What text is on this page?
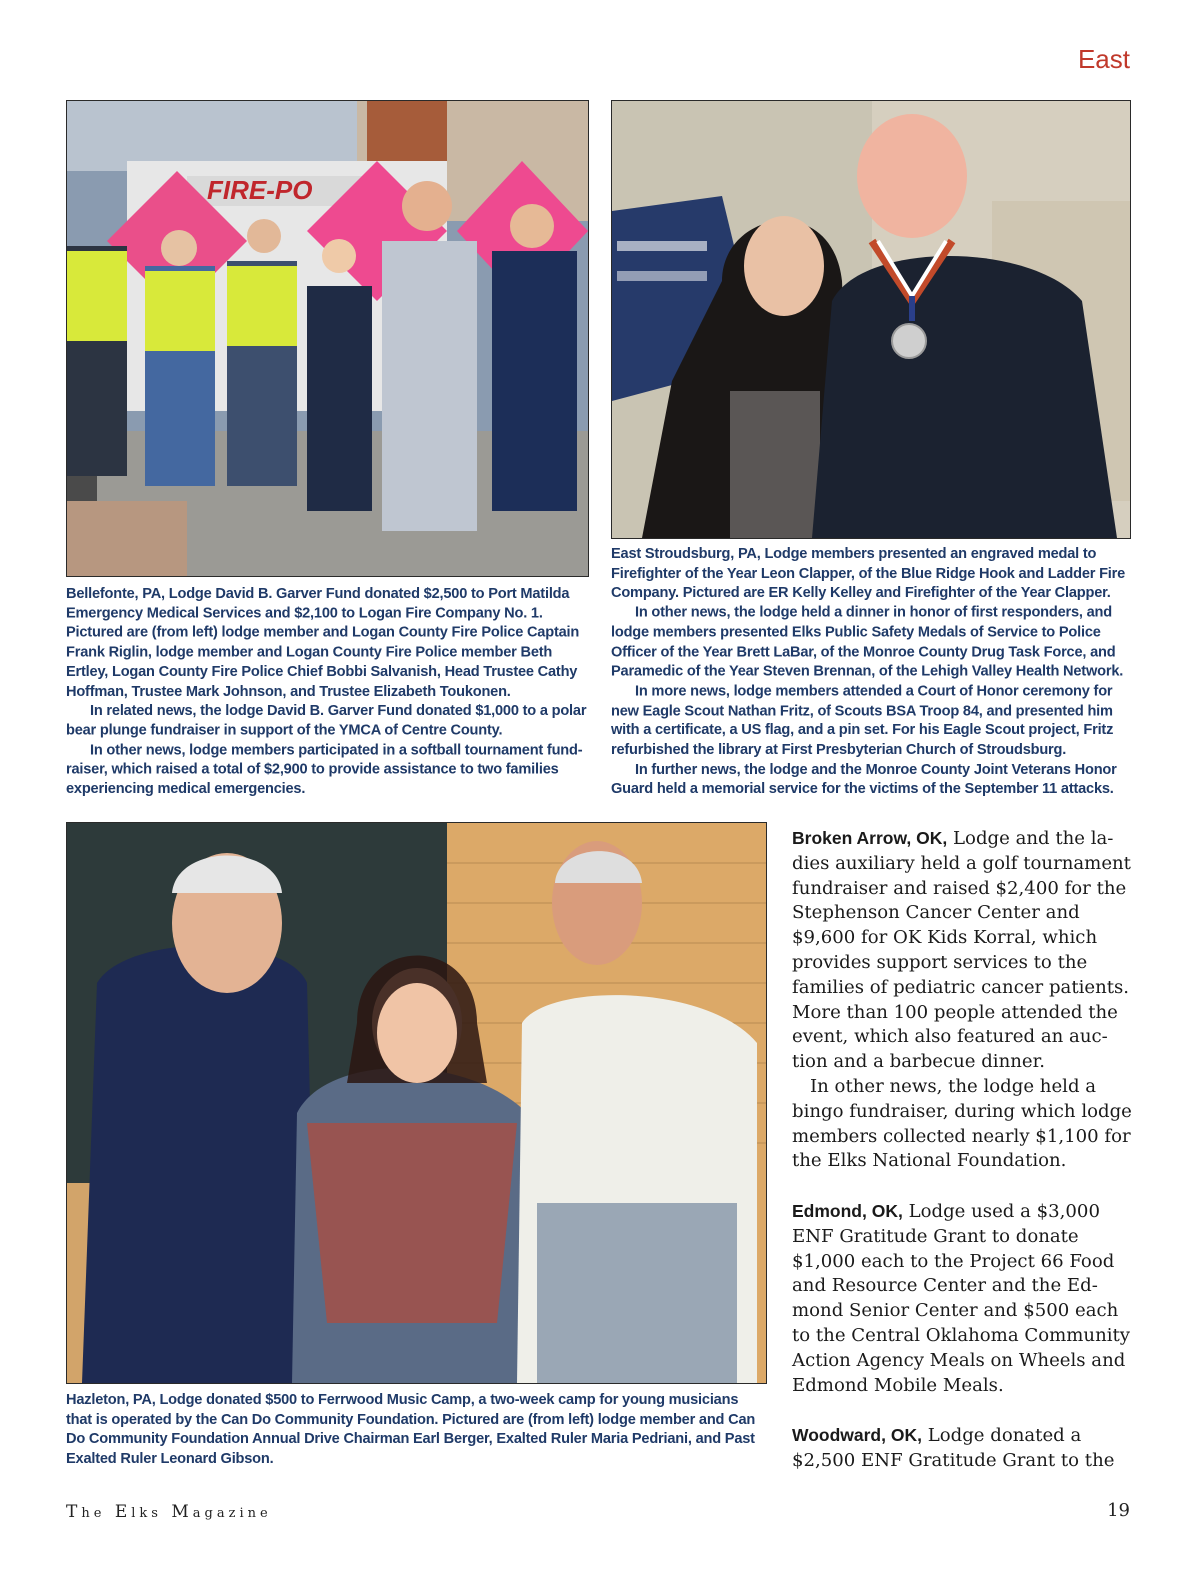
East
FIRE-PO

Bellefonte, PA, Lodge David B. Garver Fund donated $2,500 to Port Matilda Emergency Medical Services and $2,100 to Logan Fire Company No. 1. Pictured are (from left) lodge member and Logan County Fire Police Captain Frank Riglin, lodge member and Logan County Fire Police member Beth Ertley, Logan County Fire Police Chief Bobbi Salvanish, Head Trustee Cathy Hoffman, Trustee Mark Johnson, and Trustee Elizabeth Toukonen.

In related news, the lodge David B. Garver Fund donated $1,000 to a polar bear plunge fundraiser in support of the YMCA of Centre County.

In other news, lodge members participated in a softball tournament fundraiser, which raised a total of $2,900 to provide assistance to two families experiencing medical emergencies.

East Stroudsburg, PA, Lodge members presented an engraved medal to Firefighter of the Year Leon Clapper, of the Blue Ridge Hook and Ladder Fire Company. Pictured are ER Kelly Kelley and Firefighter of the Year Clapper.

In other news, the lodge held a dinner in honor of first responders, and lodge members presented Elks Public Safety Medals of Service to Police Officer of the Year Brett LaBar, of the Monroe County Drug Task Force, and Paramedic of the Year Steven Brennan, of the Lehigh Valley Health Network.

In more news, lodge members attended a Court of Honor ceremony for new Eagle Scout Nathan Fritz, of Scouts BSA Troop 84, and presented him with a certificate, a US flag, and a pin set. For his Eagle Scout project, Fritz refurbished the library at First Presbyterian Church of Stroudsburg.

In further news, the lodge and the Monroe County Joint Veterans Honor Guard held a memorial service for the victims of the September 11 attacks.

Hazleton, PA, Lodge donated $500 to Ferrwood Music Camp, a two-week camp for young musicians that is operated by the Can Do Community Foundation. Pictured are (from left) lodge member and Can Do Community Foundation Annual Drive Chairman Earl Berger, Exalted Ruler Maria Pedriani, and Past Exalted Ruler Leonard Gibson.

Broken Arrow, OK, Lodge and the ladies auxiliary held a golf tournament fundraiser and raised $2,400 for the Stephenson Cancer Center and $9,600 for OK Kids Korral, which provides support services to the families of pediatric cancer patients. More than 100 people attended the event, which also featured an auction and a barbecue dinner.

In other news, the lodge held a bingo fundraiser, during which lodge members collected nearly $1,100 for the Elks National Foundation.

Edmond, OK, Lodge used a $3,000 ENF Gratitude Grant to donate $1,000 each to the Project 66 Food and Resource Center and the Edmond Senior Center and $500 each to the Central Oklahoma Community Action Agency Meals on Wheels and Edmond Mobile Meals.

Woodward, OK, Lodge donated a $2,500 ENF Gratitude Grant to the

The Elks Magazine	19
